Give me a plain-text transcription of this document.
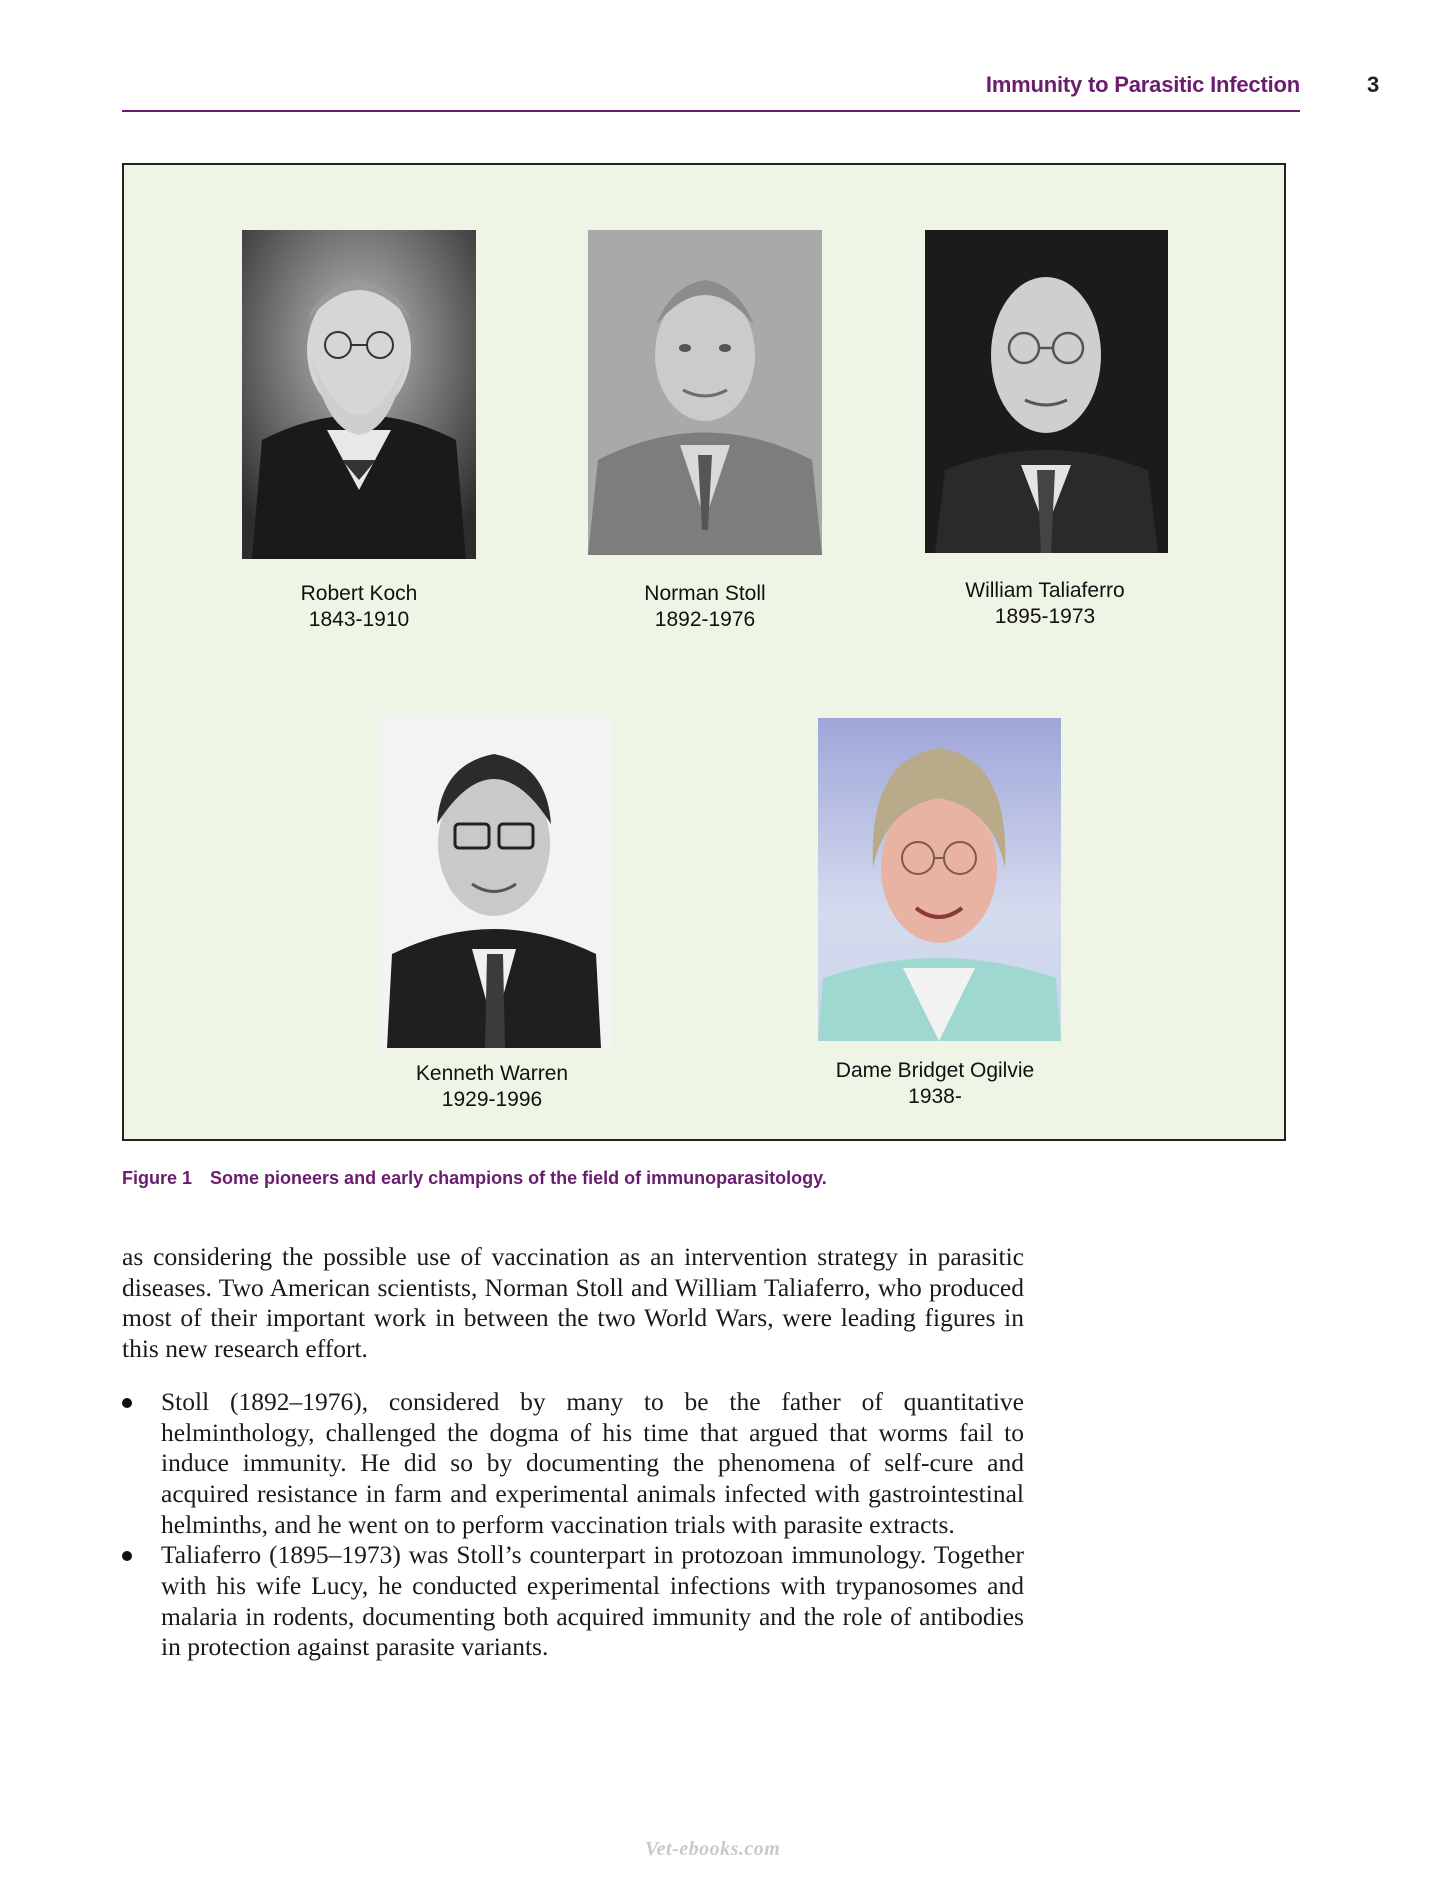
Immunity to Parasitic Infection	3
Robert Koch
1843-1910
Norman Stoll
1892-1976
William Taliaferro
1895-1973
Kenneth Warren
1929-1996
Dame Bridget Ogilvie
1938-
Figure 1 Some pioneers and early champions of the field of immunoparasitology.

as considering the possible use of vaccination as an intervention strategy in parasitic diseases. Two American scientists, Norman Stoll and William Taliaferro, who produced most of their important work in between the two World Wars, were leading figures in this new research effort.

Stoll (1892–1976), considered by many to be the father of quantitative helminthology, challenged the dogma of his time that argued that worms fail to induce immunity. He did so by documenting the phenomena of self-cure and acquired resistance in farm and experimental animals infected with gastrointestinal helminths, and he went on to perform vaccination trials with parasite extracts.
Taliaferro (1895–1973) was Stoll’s counterpart in protozoan immunology. Together with his wife Lucy, he conducted experimental infections with trypanosomes and malaria in rodents, documenting both acquired immunity and the role of antibodies in protection against parasite variants.
Vet-ebooks.com
